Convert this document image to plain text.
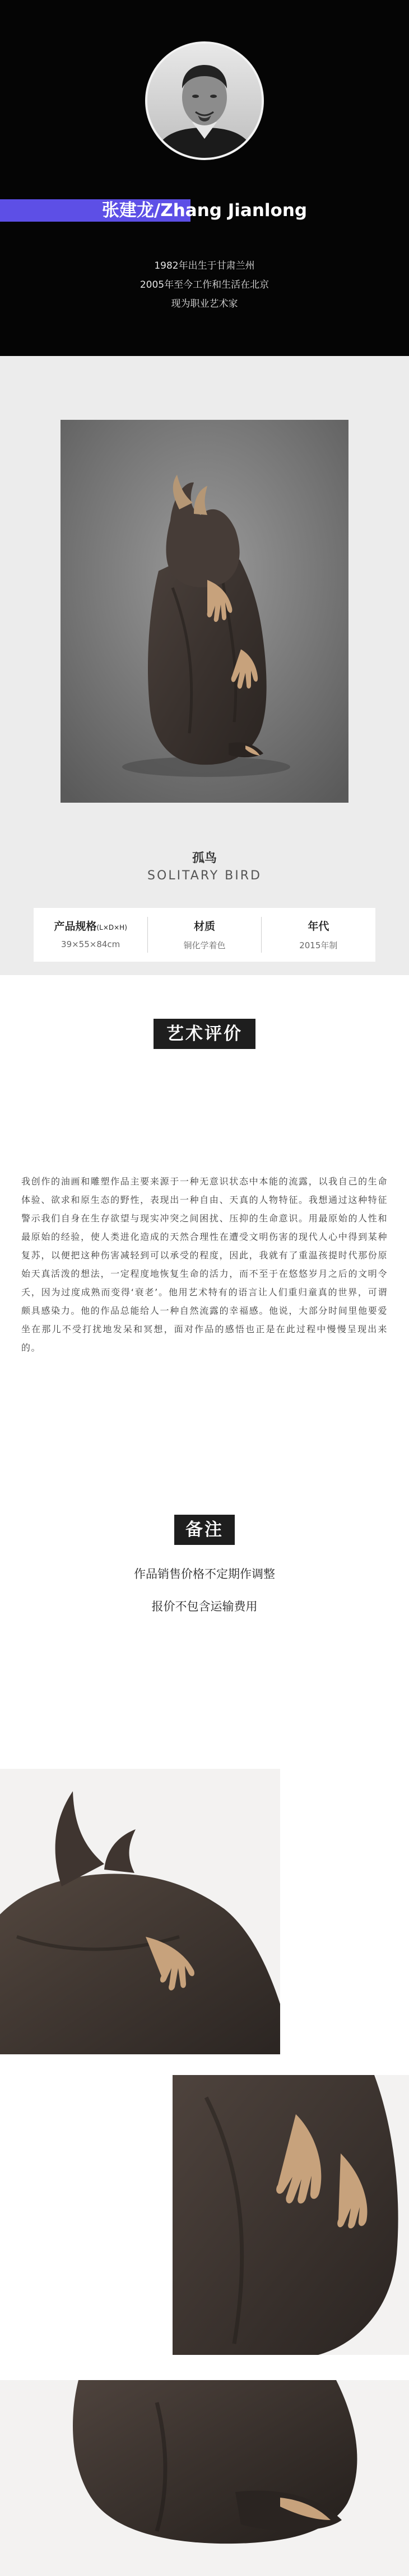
张建龙/Zhang Jianlong
1982年出生于甘肃兰州
2005年至今工作和生活在北京
现为职业艺术家
孤鸟
SOLITARY BIRD
产品规格(L×D×H)
39×55×84cm
材质
铜化学着色
年代
2015年制
艺术评价
我创作的油画和雕塑作品主要来源于一种无意识状态中本能的流露，以我自己的生命体验、欲求和原生态的野性，表现出一种自由、天真的人物特征。我想通过这种特征警示我们自身在生存欲望与现实冲突之间困扰、压抑的生命意识。用最原始的人性和最原始的经验，使人类进化造成的天然合理性在遭受文明伤害的现代人心中得到某种复苏，以便把这种伤害减轻到可以承受的程度，因此，我就有了重温孩提时代那份原始天真活泼的想法，一定程度地恢复生命的活力，而不至于在悠悠岁月之后的文明令夭，因为过度成熟而变得‘衰老’。他用艺术特有的语言让人们重归童真的世界，可谓颇具感染力。他的作品总能给人一种自然流露的幸福感。他说，大部分时间里他要爱坐在那儿不受打扰地发呆和冥想，面对作品的感悟也正是在此过程中慢慢呈现出来的。
备注
作品销售价格不定期作调整
报价不包含运输费用
